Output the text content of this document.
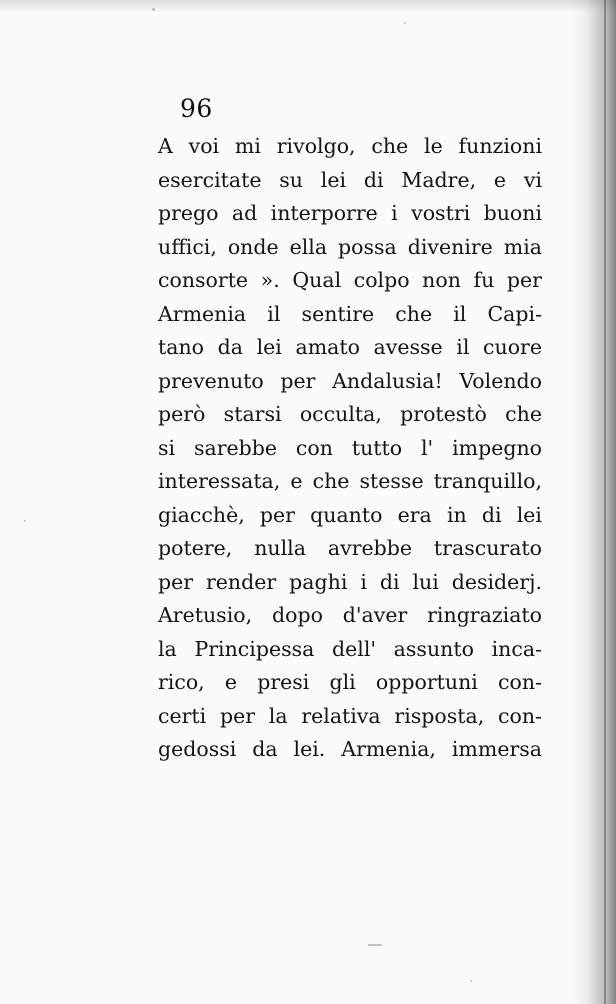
96
A voi mi rivolgo, che le funzioni
esercitate su lei di Madre, e vi
prego ad interporre i vostri buoni
uffici, onde ella possa divenire mia
consorte ». Qual colpo non fu per
Armenia il sentire che il Capi-
tano da lei amato avesse il cuore
prevenuto per Andalusia! Volendo
però starsi occulta, protestò che
si sarebbe con tutto l' impegno
interessata, e che stesse tranquillo,
giacchè, per quanto era in di lei
potere, nulla avrebbe trascurato
per render paghi i di lui desiderj.
Aretusio, dopo d'aver ringraziato
la Principessa dell' assunto inca-
rico, e presi gli opportuni con-
certi per la relativa risposta, con-
gedossi da lei. Armenia, immersa
